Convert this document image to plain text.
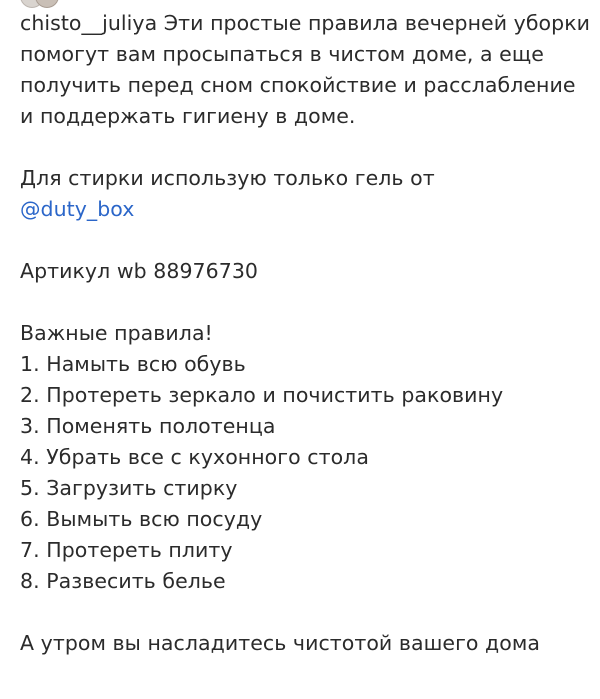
chisto__juliya Эти простые правила вечерней уборки помогут вам просыпаться в чистом доме, а еще получить перед сном спокойствие и расслабление и поддержать гигиену в доме.

Для стирки использую только гель от
@duty_box

Артикул wb 88976730

Важные правила!

1. Намыть всю обувь
2. Протереть зеркало и почистить раковину
3. Поменять полотенца
4. Убрать все с кухонного стола
5. Загрузить стирку
6. Вымыть всю посуду
7. Протереть плиту
8. Развесить белье

А утром вы насладитесь чистотой вашего дома
